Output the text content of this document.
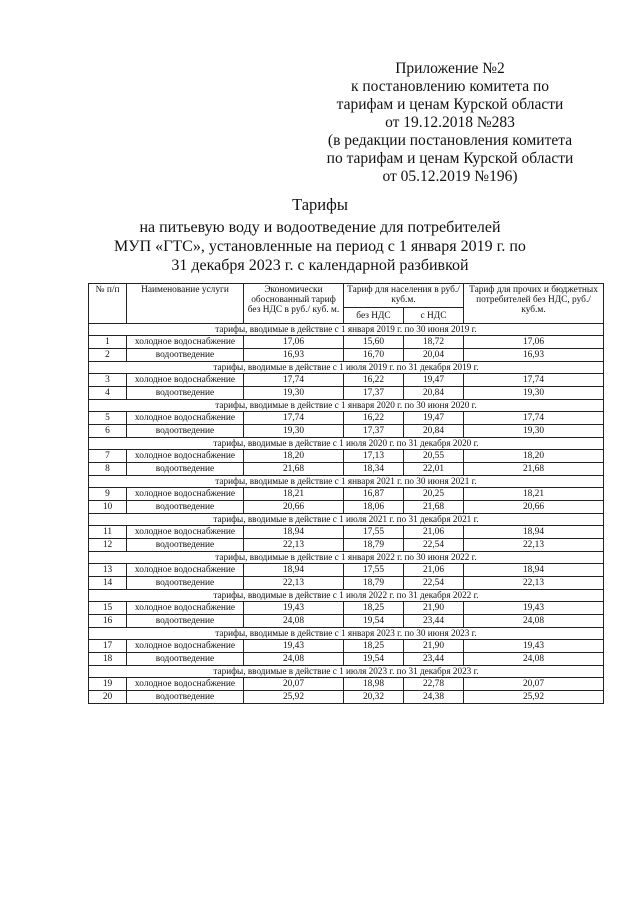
Приложение №2
к постановлению комитета по
тарифам и ценам Курской области
от 19.12.2018 №283
(в редакции постановления комитета
по тарифам и ценам Курской области
от 05.12.2019 №196)
Тарифы
на питьевую воду и водоотведение для потребителей
МУП «ГТС», установленные на период с 1 января 2019 г. по
31 декабря 2023 г. с календарной разбивкой
№ п/п	Наименование услуги	Экономически обоснованный тариф без НДС в руб./ куб. м.	Тариф для населения в руб./ куб.м.		Тариф для прочих и бюджетных потребителей без НДС, руб./ куб.м.
			без НДС	с НДС	
тарифы, вводимые в действие с 1 января 2019 г. по 30 июня 2019 г.					
1	холодное водоснабжение	17,06	15,60	18,72	17,06
2	водоотведение	16,93	16,70	20,04	16,93
тарифы, вводимые в действие с 1 июля 2019 г. по 31 декабря 2019 г.					
3	холодное водоснабжение	17,74	16,22	19,47	17,74
4	водоотведение	19,30	17,37	20,84	19,30
тарифы, вводимые в действие с 1 января 2020 г. по 30 июня 2020 г.					
5	холодное водоснабжение	17,74	16,22	19,47	17,74
6	водоотведение	19,30	17,37	20,84	19,30
тарифы, вводимые в действие с 1 июля 2020 г. по 31 декабря 2020 г.					
7	холодное водоснабжение	18,20	17,13	20,55	18,20
8	водоотведение	21,68	18,34	22,01	21,68
тарифы, вводимые в действие с 1 января 2021 г. по 30 июня 2021 г.					
9	холодное водоснабжение	18,21	16,87	20,25	18,21
10	водоотведение	20,66	18,06	21,68	20,66
тарифы, вводимые в действие с 1 июля 2021 г. по 31 декабря 2021 г.					
11	холодное водоснабжение	18,94	17,55	21,06	18,94
12	водоотведение	22,13	18,79	22,54	22,13
тарифы, вводимые в действие с 1 января 2022 г. по 30 июня 2022 г.					
13	холодное водоснабжение	18,94	17,55	21,06	18,94
14	водоотведение	22,13	18,79	22,54	22,13
тарифы, вводимые в действие с 1 июля 2022 г. по 31 декабря 2022 г.					
15	холодное водоснабжение	19,43	18,25	21,90	19,43
16	водоотведение	24,08	19,54	23,44	24,08
тарифы, вводимые в действие с 1 января 2023 г. по 30 июня 2023 г.					
17	холодное водоснабжение	19,43	18,25	21,90	19,43
18	водоотведение	24,08	19,54	23,44	24,08
тарифы, вводимые в действие с 1 июля 2023 г. по 31 декабря 2023 г.					
19	холодное водоснабжение	20,07	18,98	22,78	20,07
20	водоотведение	25,92	20,32	24,38	25,92
